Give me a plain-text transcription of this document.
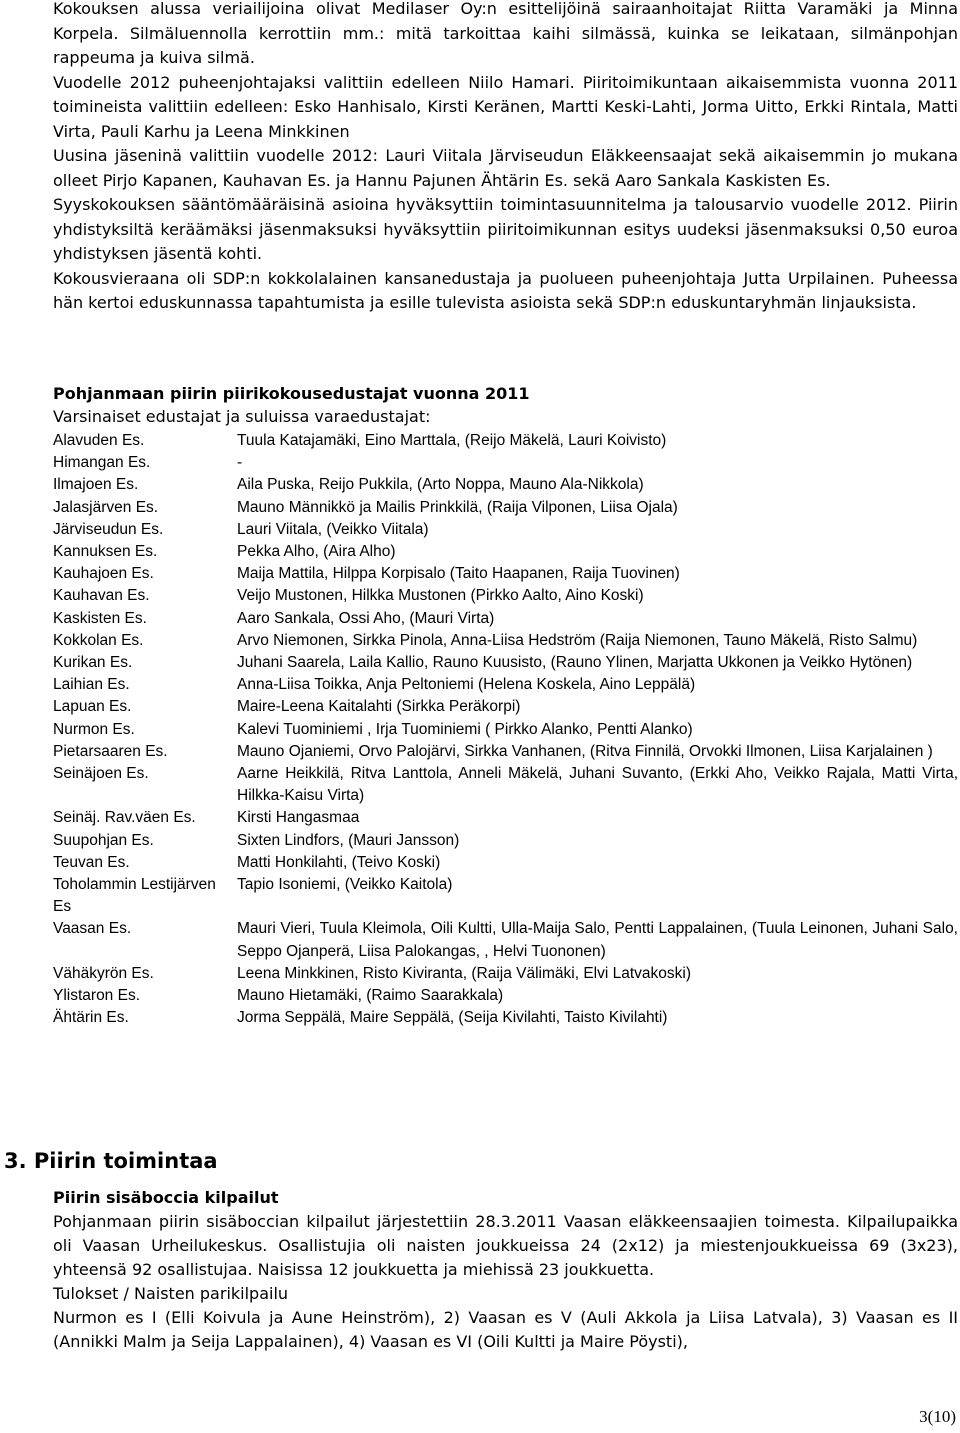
Kokouksen alussa veriailijoina olivat Medilaser Oy:n esittelijöinä sairaanhoitajat Riitta Varamäki ja Minna Korpela. Silmäluennolla kerrottiin mm.: mitä tarkoittaa kaihi silmässä, kuinka se leikataan, silmänpohjan rappeuma ja kuiva silmä.

Vuodelle 2012 puheenjohtajaksi valittiin edelleen Niilo Hamari. Piiritoimikuntaan aikaisemmista vuonna 2011 toimineista valittiin edelleen: Esko Hanhisalo, Kirsti Keränen, Martti Keski-Lahti, Jorma Uitto, Erkki Rintala, Matti Virta, Pauli Karhu ja Leena Minkkinen

Uusina jäseninä valittiin vuodelle 2012: Lauri Viitala Järviseudun Eläkkeensaajat sekä aikaisemmin jo mukana olleet Pirjo Kapanen, Kauhavan Es. ja Hannu Pajunen Ähtärin Es. sekä Aaro Sankala Kaskisten Es.

Syyskokouksen sääntömääräisinä asioina hyväksyttiin toimintasuunnitelma ja talousarvio vuodelle 2012. Piirin yhdistyksiltä keräämäksi jäsenmaksuksi hyväksyttiin piiritoimikunnan esitys uudeksi jäsenmaksuksi 0,50 euroa yhdistyksen jäsentä kohti.

Kokousvieraana oli SDP:n kokkolalainen kansanedustaja ja puolueen puheenjohtaja Jutta Urpilainen. Puheessa hän kertoi eduskunnassa tapahtumista ja esille tulevista asioista sekä SDP:n eduskuntaryhmän linjauksista.

Pohjanmaan piirin piirikokousedustajat vuonna 2011

Varsinaiset edustajat ja suluissa varaedustajat:

Alavuden Es.	Tuula Katajamäki, Eino Marttala, (Reijo Mäkelä, Lauri Koivisto)
Himangan Es.	-
Ilmajoen Es.	Aila Puska, Reijo Pukkila, (Arto Noppa, Mauno Ala-Nikkola)
Jalasjärven Es.	Mauno Männikkö ja Mailis Prinkkilä, (Raija Vilponen, Liisa Ojala)
Järviseudun Es.	Lauri Viitala, (Veikko Viitala)
Kannuksen Es.	Pekka Alho, (Aira Alho)
Kauhajoen Es.	Maija Mattila, Hilppa Korpisalo (Taito Haapanen, Raija Tuovinen)
Kauhavan Es.	Veijo Mustonen, Hilkka Mustonen (Pirkko Aalto, Aino Koski)
Kaskisten Es.	Aaro Sankala, Ossi Aho, (Mauri Virta)
Kokkolan Es.	Arvo Niemonen, Sirkka Pinola, Anna-Liisa Hedström (Raija Niemonen, Tauno Mäkelä, Risto Salmu)
Kurikan Es.	Juhani Saarela, Laila Kallio, Rauno Kuusisto, (Rauno Ylinen, Marjatta Ukkonen ja Veikko Hytönen)
Laihian Es.	Anna-Liisa Toikka, Anja Peltoniemi (Helena Koskela, Aino Leppälä)
Lapuan Es.	Maire-Leena Kaitalahti (Sirkka Peräkorpi)
Nurmon Es.	Kalevi Tuominiemi , Irja Tuominiemi ( Pirkko Alanko, Pentti Alanko)
Pietarsaaren Es.	Mauno Ojaniemi, Orvo Palojärvi, Sirkka Vanhanen, (Ritva Finnilä, Orvokki Ilmonen, Liisa Karjalainen )
Seinäjoen Es.	Aarne Heikkilä, Ritva Lanttola, Anneli Mäkelä, Juhani Suvanto, (Erkki Aho, Veikko Rajala, Matti Virta, Hilkka-Kaisu Virta)
Seinäj. Rav.väen Es.	Kirsti Hangasmaa
Suupohjan Es.	Sixten Lindfors, (Mauri Jansson)
Teuvan Es.	Matti Honkilahti, (Teivo Koski)
Toholammin Lestijärven Es	Tapio Isoniemi, (Veikko Kaitola)
Vaasan Es.	Mauri Vieri, Tuula Kleimola, Oili Kultti, Ulla-Maija Salo, Pentti Lappalainen, (Tuula Leinonen, Juhani Salo, Seppo Ojanperä, Liisa Palokangas, , Helvi Tuononen)
Vähäkyrön Es.	Leena Minkkinen, Risto Kiviranta, (Raija Välimäki, Elvi Latvakoski)
Ylistaron Es.	Mauno Hietamäki, (Raimo Saarakkala)
Ähtärin Es.	Jorma Seppälä, Maire Seppälä, (Seija Kivilahti, Taisto Kivilahti)

3. Piirin toimintaa

Piirin sisäboccia kilpailut

Pohjanmaan piirin sisäboccian kilpailut järjestettiin 28.3.2011 Vaasan eläkkeensaajien toimesta. Kilpailupaikka oli Vaasan Urheilukeskus. Osallistujia oli naisten joukkueissa 24 (2x12) ja miestenjoukkueissa 69 (3x23), yhteensä 92 osallistujaa. Naisissa 12 joukkuetta ja miehissä 23 joukkuetta.

Tulokset / Naisten parikilpailu

Nurmon es I (Elli Koivula ja Aune Heinström), 2) Vaasan es V (Auli Akkola ja Liisa Latvala), 3) Vaasan es II (Annikki Malm ja Seija Lappalainen), 4) Vaasan es VI (Oili Kultti ja Maire Pöysti),

3(10)
